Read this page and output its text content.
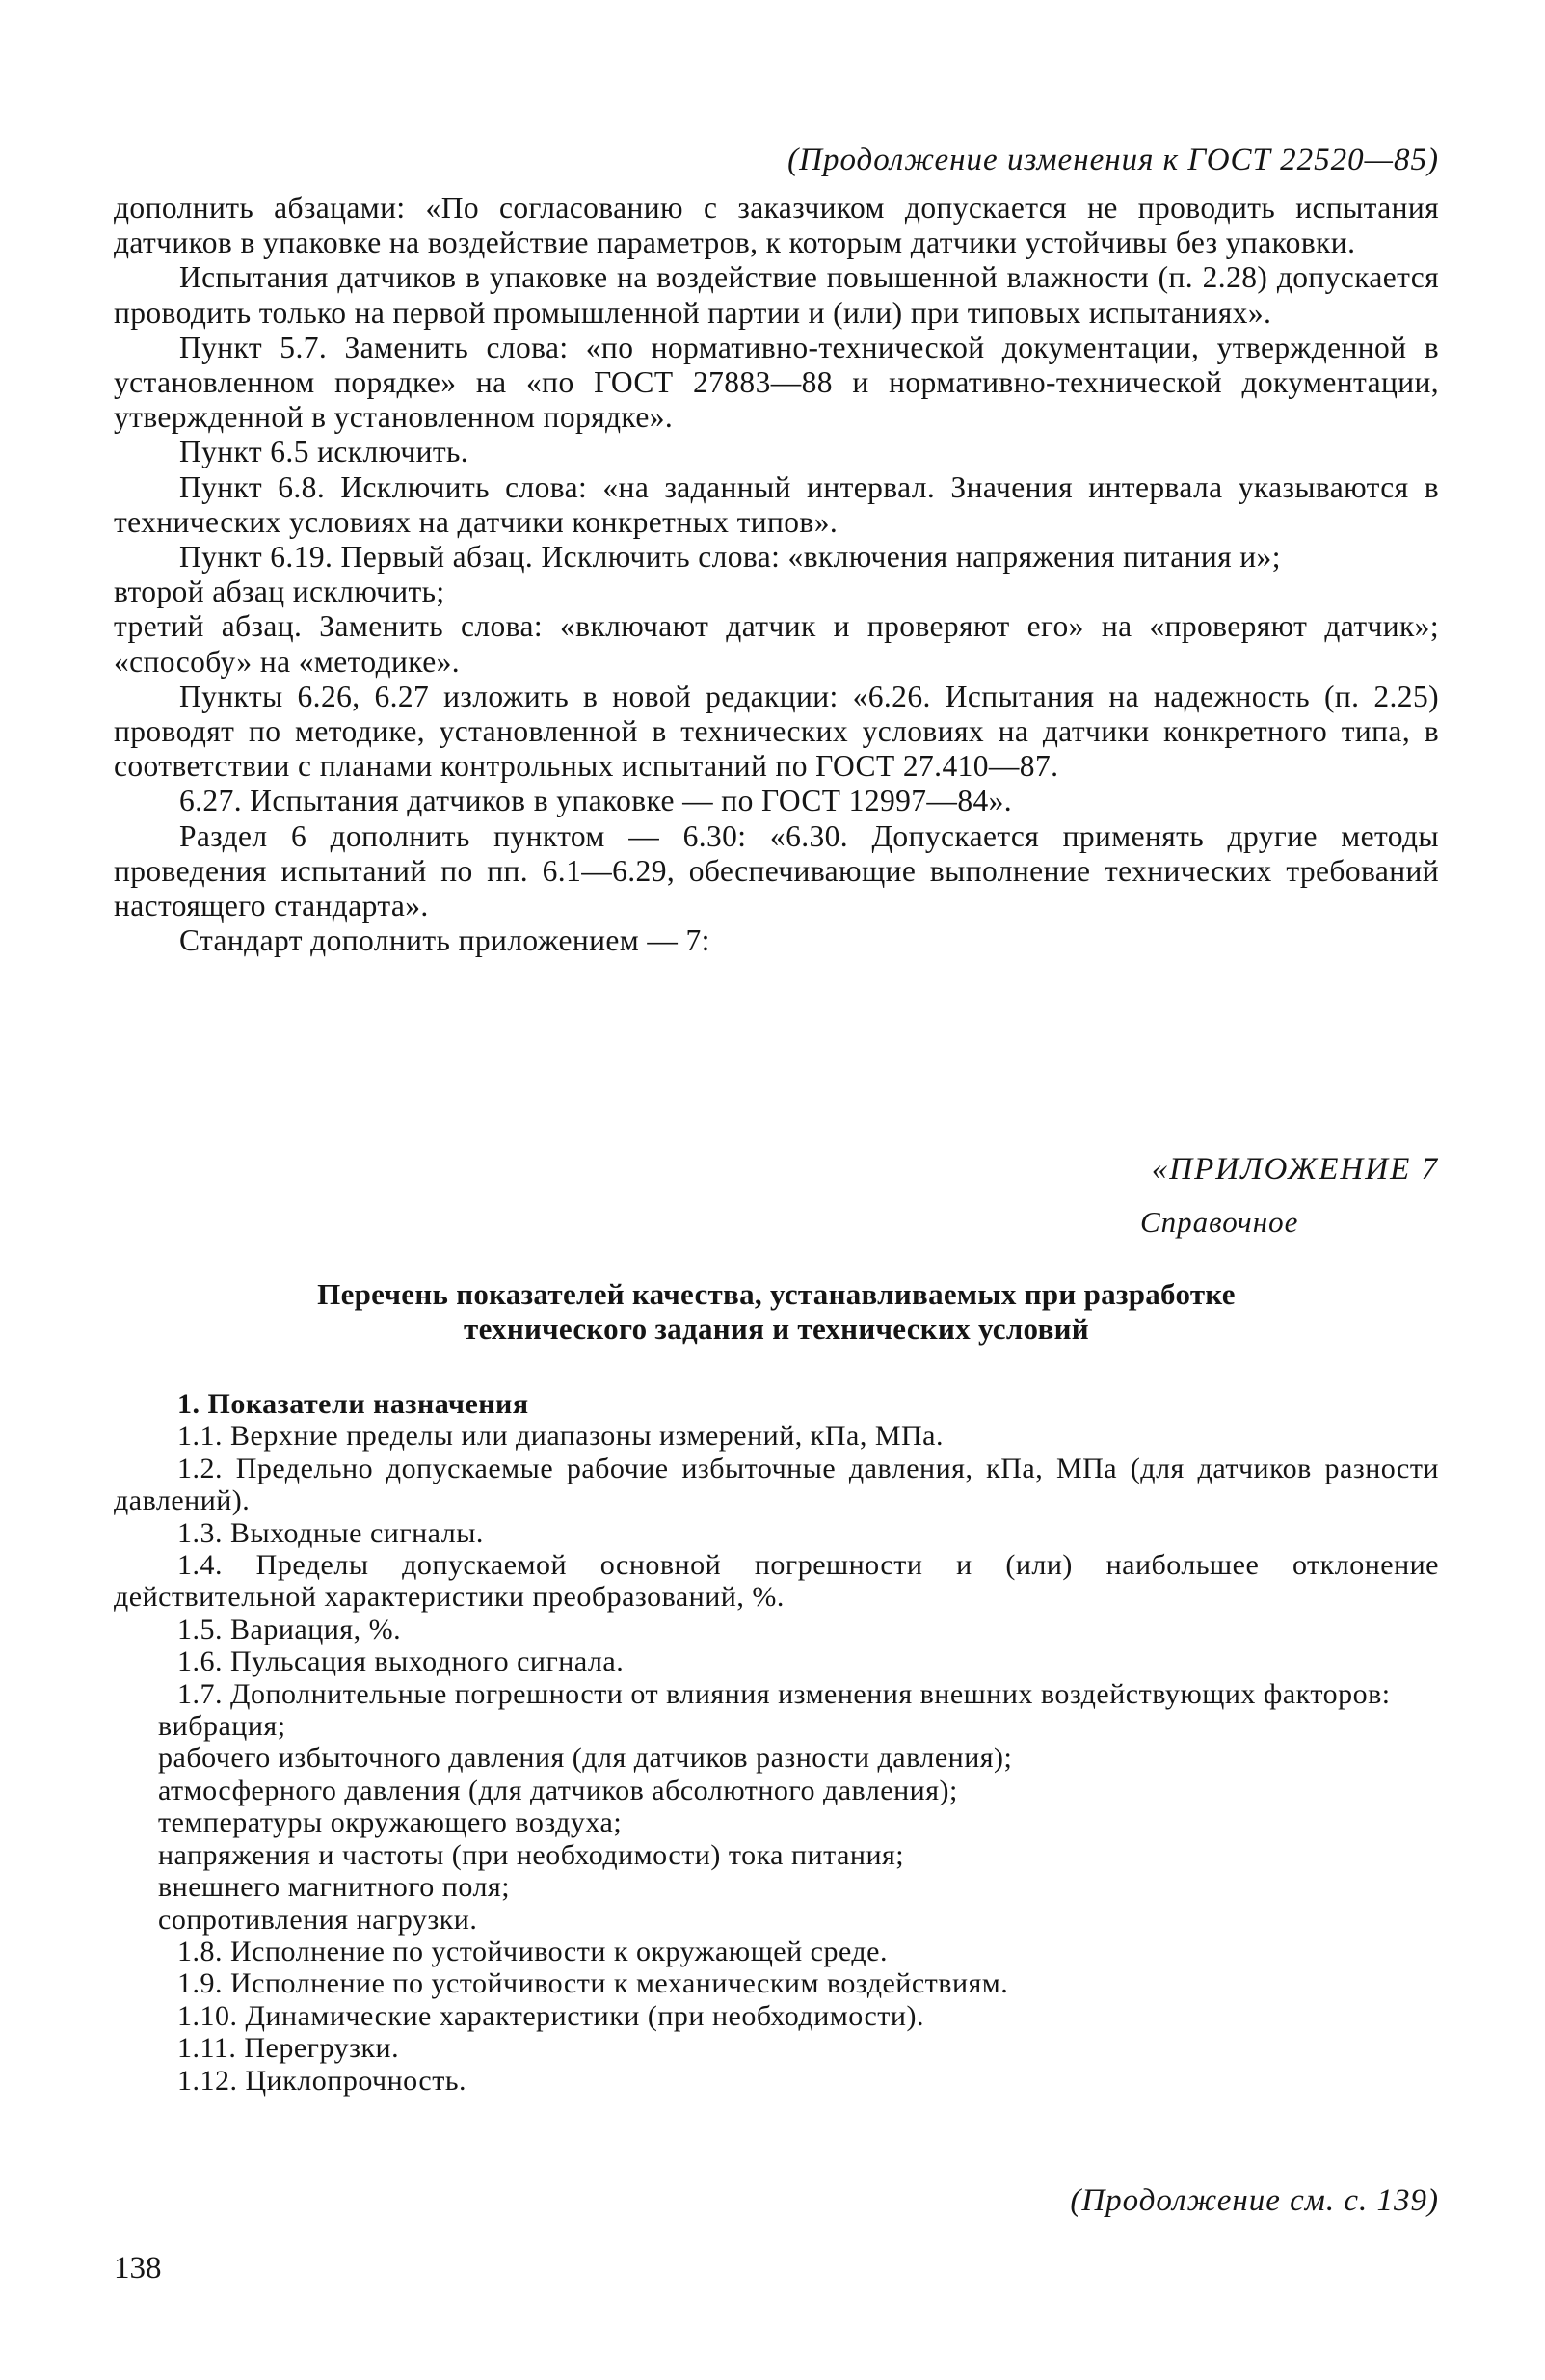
(Продолжение изменения к ГОСТ 22520—85)

дополнить абзацами: «По согласованию с заказчиком допускается не проводить испытания датчиков в упаковке на воздействие параметров, к которым датчики устойчивы без упаковки.

Испытания датчиков в упаковке на воздействие повышенной влажности (п. 2.28) допускается проводить только на первой промышленной партии и (или) при типовых испытаниях».

Пункт 5.7. Заменить слова: «по нормативно-технической документации, утвержденной в установленном порядке» на «по ГОСТ 27883—88 и нормативно-технической документации, утвержденной в установленном порядке».

Пункт 6.5 исключить.

Пункт 6.8. Исключить слова: «на заданный интервал. Значения интервала указываются в технических условиях на датчики конкретных типов».

Пункт 6.19. Первый абзац. Исключить слова: «включения напряжения питания и»;

второй абзац исключить;

третий абзац. Заменить слова: «включают датчик и проверяют его» на «проверяют датчик»; «способу» на «методике».

Пункты 6.26, 6.27 изложить в новой редакции: «6.26. Испытания на надежность (п. 2.25) проводят по методике, установленной в технических условиях на датчики конкретного типа, в соответствии с планами контрольных испытаний по ГОСТ 27.410—87.

6.27. Испытания датчиков в упаковке — по ГОСТ 12997—84».

Раздел 6 дополнить пунктом — 6.30: «6.30. Допускается применять другие методы проведения испытаний по пп. 6.1—6.29, обеспечивающие выполнение технических требований настоящего стандарта».

Стандарт дополнить приложением — 7:

«ПРИЛОЖЕНИЕ 7
Справочное
Перечень показателей качества, устанавливаемых при разработке
технического задания и технических условий

1. Показатели назначения

1.1. Верхние пределы или диапазоны измерений, кПа, МПа.

1.2. Предельно допускаемые рабочие избыточные давления, кПа, МПа (для датчиков разности давлений).

1.3. Выходные сигналы.

1.4. Пределы допускаемой основной погрешности и (или) наибольшее отклонение действительной характеристики преобразований, %.

1.5. Вариация, %.

1.6. Пульсация выходного сигнала.

1.7. Дополнительные погрешности от влияния изменения внешних воздействующих факторов:

вибрация;

рабочего избыточного давления (для датчиков разности давления);

атмосферного давления (для датчиков абсолютного давления);

температуры окружающего воздуха;

напряжения и частоты (при необходимости) тока питания;

внешнего магнитного поля;

сопротивления нагрузки.

1.8. Исполнение по устойчивости к окружающей среде.

1.9. Исполнение по устойчивости к механическим воздействиям.

1.10. Динамические характеристики (при необходимости).

1.11. Перегрузки.

1.12. Циклопрочность.

(Продолжение см. с. 139)
138
